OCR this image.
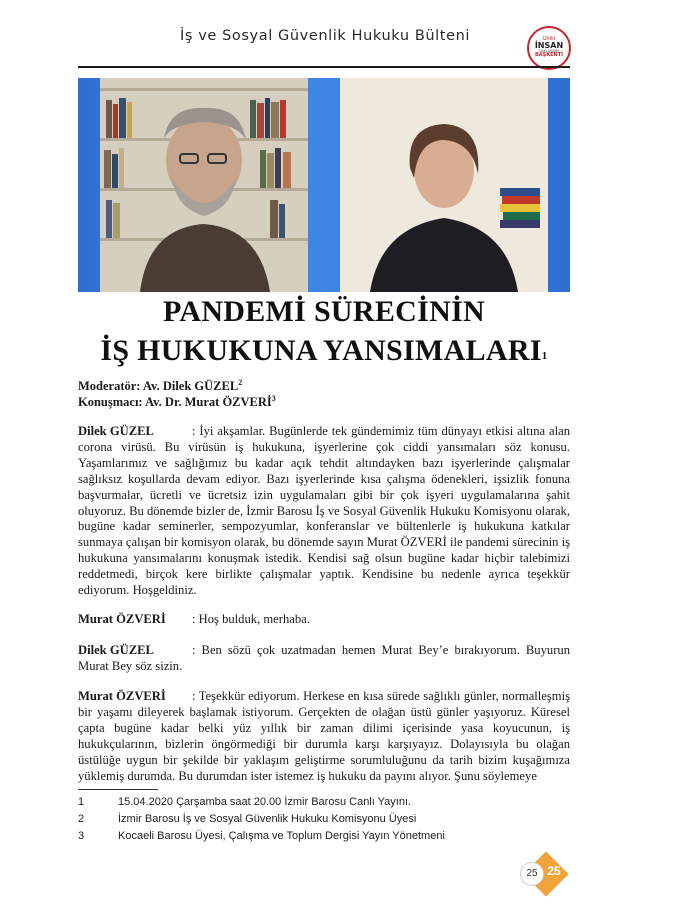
İş ve Sosyal Güvenlik Hukuku Bülteni	İZMİR
İNSAN
HAKLARININ
BAŞKENTİ
PANDEMİ SÜRECİNİN
İŞ HUKUKUNA YANSIMALARI$^1$
Moderatör: Av. Dilek GÜZEL$^2$
Konuşmacı: Av. Dr. Murat ÖZVERİ$^3$
Dilek GÜZEL	: İyi akşamlar. Bugünlerde tek gündemimiz tüm dünyayı etkisi altına alan corona virüsü. Bu virüsün iş hukukuna, işyerlerine çok ciddi yansımaları söz konusu. Yaşamlarımız ve sağlığımız bu kadar açık tehdit altındayken bazı işyerlerinde çalışmalar sağlıksız koşullarda devam ediyor. Bazı işyerlerinde kısa çalışma ödenekleri, işsizlik fonuna başvurmalar, ücretli ve ücretsiz izin uygulamaları gibi bir çok işyeri uygulamalarına şahit oluyoruz. Bu dönemde bizler de, İzmir Barosu İş ve Sosyal Güvenlik Hukuku Komisyonu olarak, bugüne kadar seminerler, sempozyumlar, konferanslar ve bültenlerle iş hukukuna katkılar sunmaya çalışan bir komisyon olarak, bu dönemde sayın Murat ÖZVERİ ile pandemi sürecinin iş hukukuna yansımalarını konuşmak istedik. Kendisi sağ olsun bugüne kadar hiçbir talebimizi reddetmedi, birçok kere birlikte çalışmalar yaptık. Kendisine bu nedenle ayrıca teşekkür ediyorum. Hoşgeldiniz.
Murat ÖZVERİ : Hoş bulduk, merhaba.
Dilek GÜZEL	: Ben sözü çok uzatmadan hemen Murat Bey’e bırakıyorum. Buyurun Murat Bey söz sizin.
Murat ÖZVERİ : Teşekkür ediyorum. Herkese en kısa sürede sağlıklı günler, normalleşmiş bir yaşamı dileyerek başlamak istiyorum. Gerçekten de olağan üstü günler yaşıyoruz. Küresel çapta bugüne kadar belki yüz yıllık bir zaman dilimi içerisinde yasa koyucunun, iş hukukçularının, bizlerin öngörmediği bir durumla karşı karşıyayız. Dolayısıyla bu olağan üstülüğe uygun bir şekilde bir yaklaşım geliştirme sorumluluğunu da tarih bizim kuşağımıza yüklemiş durumda. Bu durumdan ister istemez iş hukuku da payını alıyor. Şunu söylemeye
1	15.04.2020 Çarşamba saat 20.00 İzmir Barosu Canlı Yayını.
2	İzmir Barosu İş ve Sosyal Güvenlik Hukuku Komisyonu Üyesi
3	Kocaeli Barosu Üyesi, Çalışma ve Toplum Dergisi Yayın Yönetmeni
25
25
